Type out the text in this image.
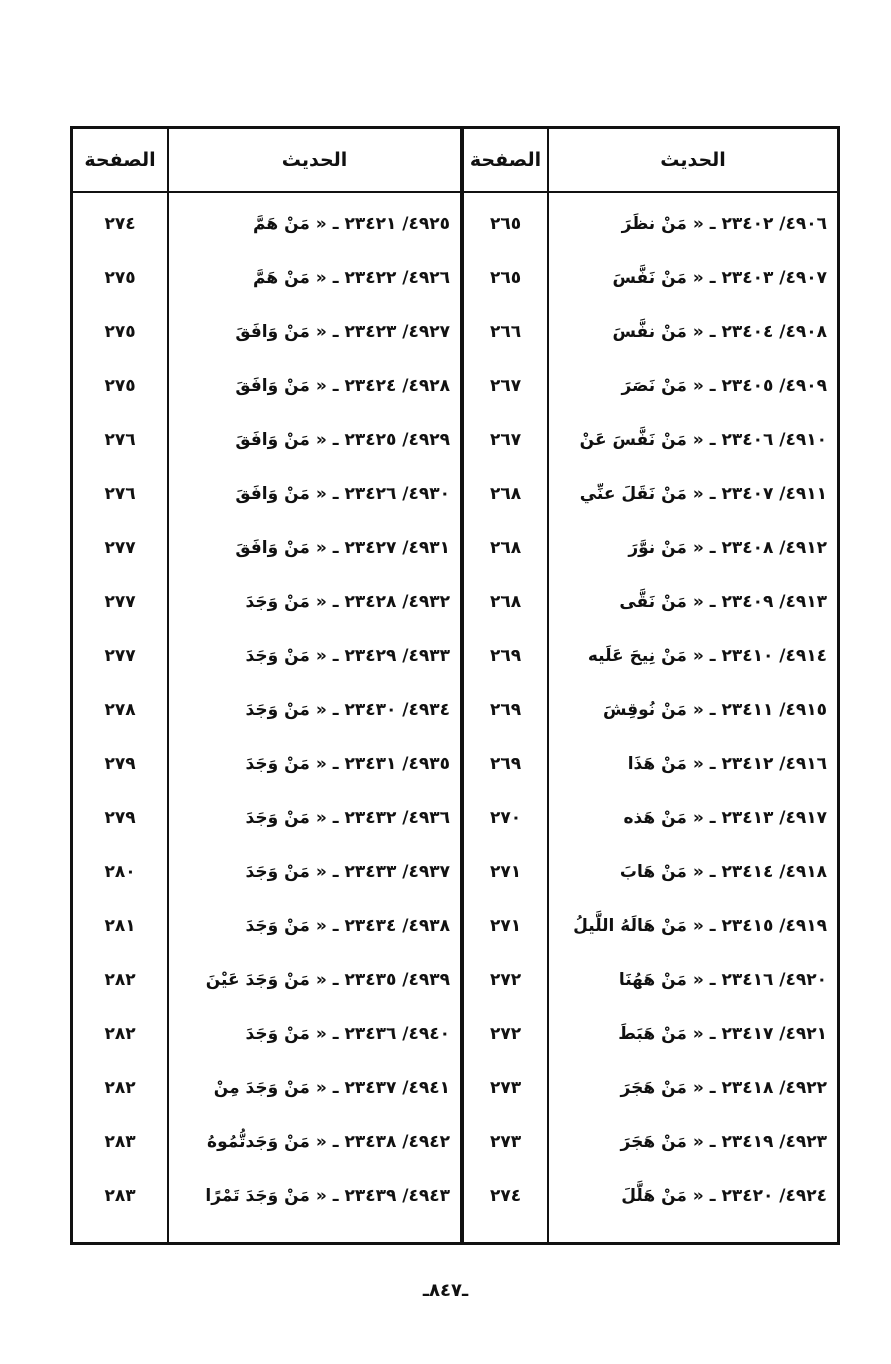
الحديث
٤٩٠٦/ ٢٣٤٠٢ ـ « مَنْ نظَرَ
٤٩٠٧/ ٢٣٤٠٣ ـ « مَنْ نَفَّسَ
٤٩٠٨/ ٢٣٤٠٤ ـ « مَنْ نفَّسَ
٤٩٠٩/ ٢٣٤٠٥ ـ « مَنْ نَصَرَ
٤٩١٠/ ٢٣٤٠٦ ـ « مَنْ نَفَّسَ عَنْ
٤٩١١/ ٢٣٤٠٧ ـ « مَنْ نَقَلَ عنِّي
٤٩١٢/ ٢٣٤٠٨ ـ « مَنْ نوَّرَ
٤٩١٣/ ٢٣٤٠٩ ـ « مَنْ نَقَّى
٤٩١٤/ ٢٣٤١٠ ـ « مَنْ نِيحَ عَلَيه
٤٩١٥/ ٢٣٤١١ ـ « مَنْ نُوقِشَ
٤٩١٦/ ٢٣٤١٢ ـ « مَنْ هَذَا
٤٩١٧/ ٢٣٤١٣ ـ « مَنْ هَذه
٤٩١٨/ ٢٣٤١٤ ـ « مَنْ هَابَ
٤٩١٩/ ٢٣٤١٥ ـ « مَنْ هَالَهُ اللَّيلُ
٤٩٢٠/ ٢٣٤١٦ ـ « مَنْ هَهُنَا
٤٩٢١/ ٢٣٤١٧ ـ « مَنْ هَبَطَ
٤٩٢٢/ ٢٣٤١٨ ـ « مَنْ هَجَرَ
٤٩٢٣/ ٢٣٤١٩ ـ « مَنْ هَجَرَ
٤٩٢٤/ ٢٣٤٢٠ ـ « مَنْ هَلَّلَ
الصفحة
٢٦٥
٢٦٥
٢٦٦
٢٦٧
٢٦٧
٢٦٨
٢٦٨
٢٦٨
٢٦٩
٢٦٩
٢٦٩
٢٧٠
٢٧١
٢٧١
٢٧٢
٢٧٢
٢٧٣
٢٧٣
٢٧٤
الحديث
٤٩٢٥/ ٢٣٤٢١ ـ « مَنْ هَمَّ
٤٩٢٦/ ٢٣٤٢٢ ـ « مَنْ هَمَّ
٤٩٢٧/ ٢٣٤٢٣ ـ « مَنْ وَافَقَ
٤٩٢٨/ ٢٣٤٢٤ ـ « مَنْ وَافَقَ
٤٩٢٩/ ٢٣٤٢٥ ـ « مَنْ وَافَقَ
٤٩٣٠/ ٢٣٤٢٦ ـ « مَنْ وَافَقَ
٤٩٣١/ ٢٣٤٢٧ ـ « مَنْ وَافَقَ
٤٩٣٢/ ٢٣٤٢٨ ـ « مَنْ وَجَدَ
٤٩٣٣/ ٢٣٤٢٩ ـ « مَنْ وَجَدَ
٤٩٣٤/ ٢٣٤٣٠ ـ « مَنْ وَجَدَ
٤٩٣٥/ ٢٣٤٣١ ـ « مَنْ وَجَدَ
٤٩٣٦/ ٢٣٤٣٢ ـ « مَنْ وَجَدَ
٤٩٣٧/ ٢٣٤٣٣ ـ « مَنْ وَجَدَ
٤٩٣٨/ ٢٣٤٣٤ ـ « مَنْ وَجَدَ
٤٩٣٩/ ٢٣٤٣٥ ـ « مَنْ وَجَدَ عَيْنَ
٤٩٤٠/ ٢٣٤٣٦ ـ « مَنْ وَجَدَ
٤٩٤١/ ٢٣٤٣٧ ـ « مَنْ وَجَدَ مِنْ
٤٩٤٢/ ٢٣٤٣٨ ـ « مَنْ وَجَدتُّمُوهُ
٤٩٤٣/ ٢٣٤٣٩ ـ « مَنْ وَجَدَ تَمْرًا
الصفحة
٢٧٤
٢٧٥
٢٧٥
٢٧٥
٢٧٦
٢٧٦
٢٧٧
٢٧٧
٢٧٧
٢٧٨
٢٧٩
٢٧٩
٢٨٠
٢٨١
٢٨٢
٢٨٢
٢٨٢
٢٨٣
٢٨٣
ـ٨٤٧ـ
